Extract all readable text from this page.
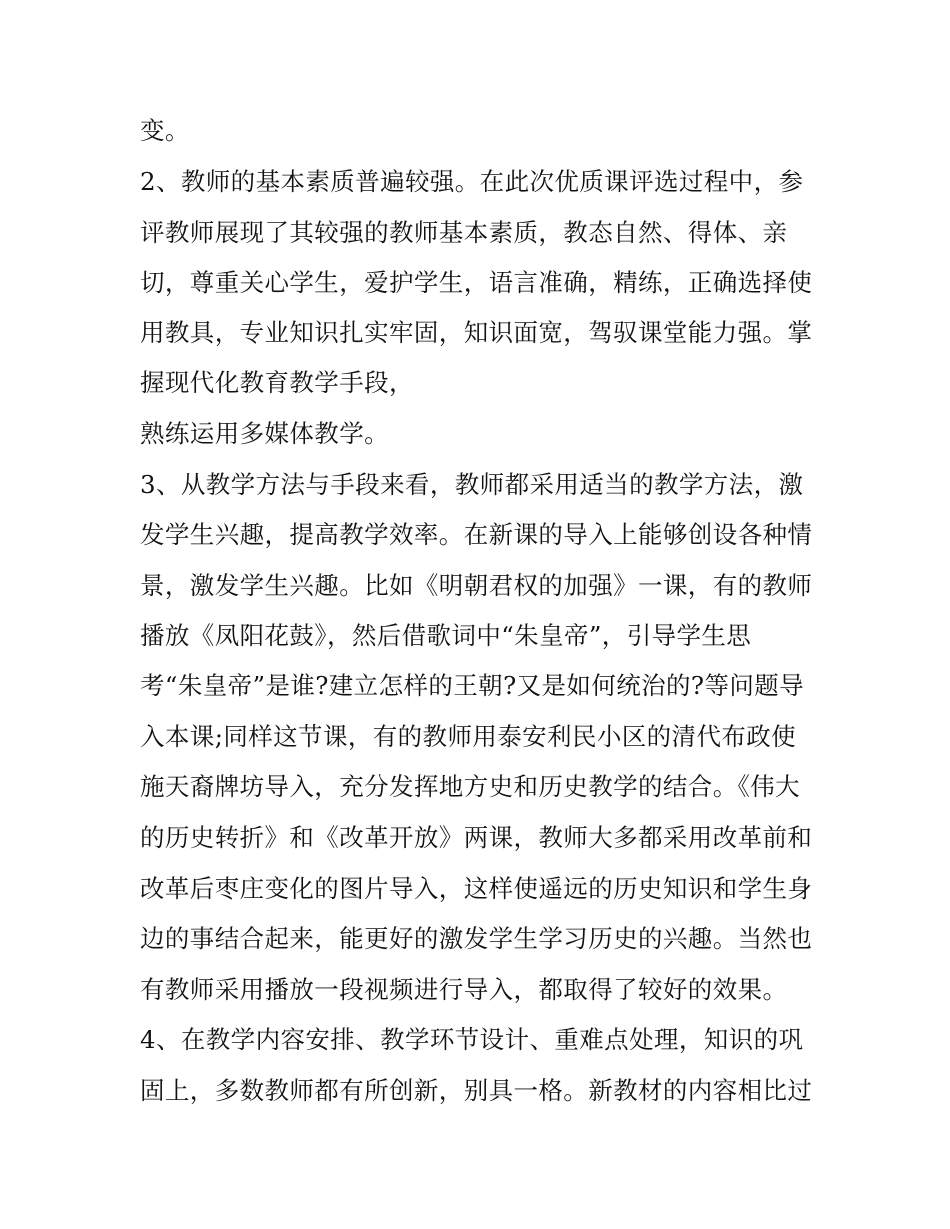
变。
2、教师的基本素质普遍较强。在此次优质课评选过程中，参
评教师展现了其较强的教师基本素质，教态自然、得体、亲
切，尊重关心学生，爱护学生，语言准确，精练，正确选择使
用教具，专业知识扎实牢固，知识面宽，驾驭课堂能力强。掌
握现代化教育教学手段，
熟练运用多媒体教学。
3、从教学方法与手段来看，教师都采用适当的教学方法，激
发学生兴趣，提高教学效率。在新课的导入上能够创设各种情
景，激发学生兴趣。比如《明朝君权的加强》一课，有的教师
播放《凤阳花鼓》，然后借歌词中“朱皇帝”，引导学生思
考“朱皇帝”是谁?建立怎样的王朝?又是如何统治的?等问题导
入本课;同样这节课，有的教师用泰安利民小区的清代布政使
施天裔牌坊导入，充分发挥地方史和历史教学的结合。《伟大
的历史转折》和《改革开放》两课，教师大多都采用改革前和
改革后枣庄变化的图片导入，这样使遥远的历史知识和学生身
边的事结合起来，能更好的激发学生学习历史的兴趣。当然也
有教师采用播放一段视频进行导入，都取得了较好的效果。
4、在教学内容安排、教学环节设计、重难点处理，知识的巩
固上，多数教师都有所创新，别具一格。新教材的内容相比过
